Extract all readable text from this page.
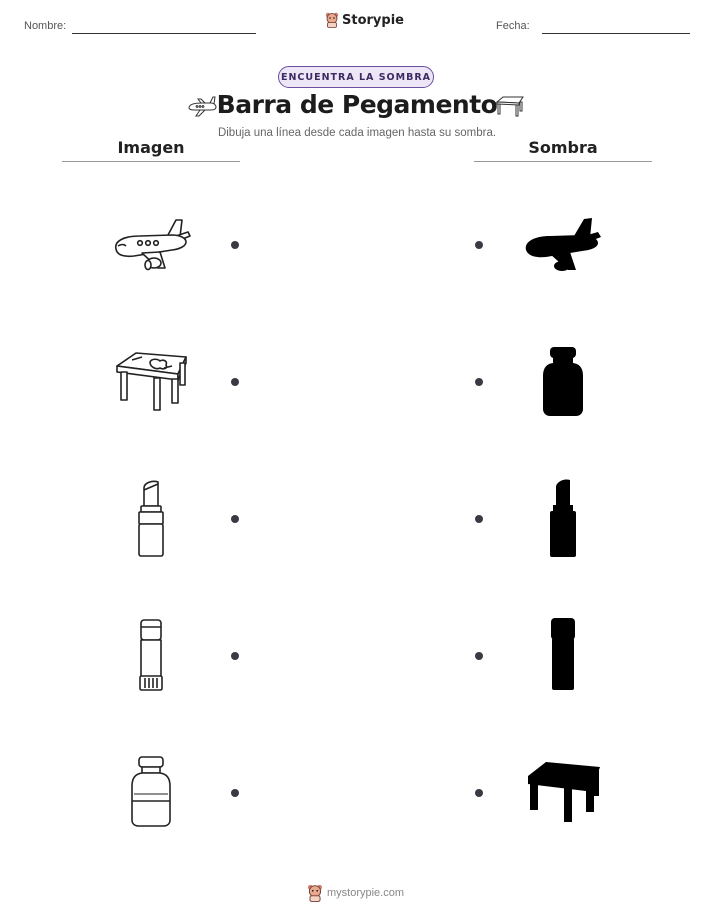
Nombre:	Storypie	Fecha:
ENCUENTRA LA SOMBRA
Barra de Pegamento
Dibuja una línea desde cada imagen hasta su sombra.
Imagen	Sombra
mystorypie.com
